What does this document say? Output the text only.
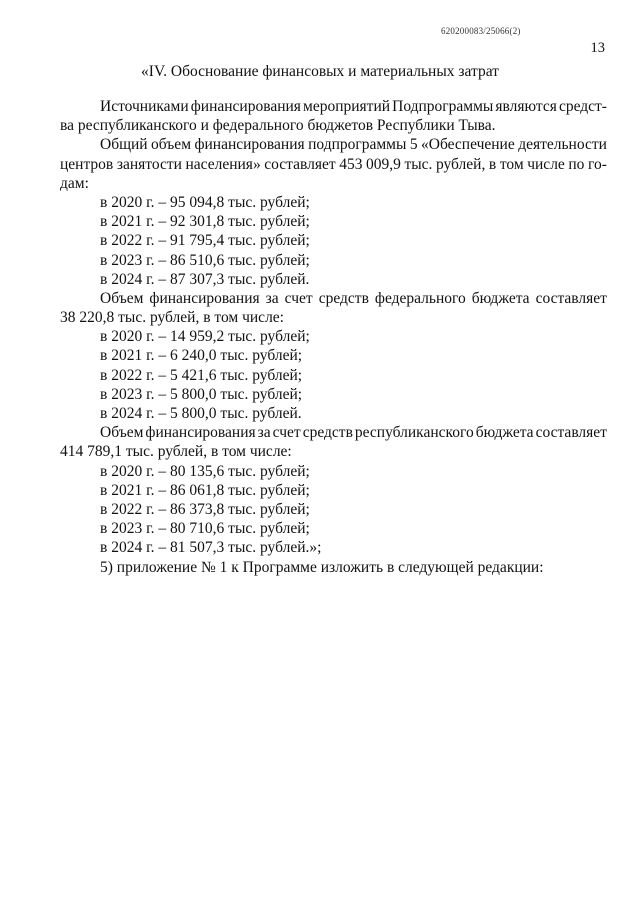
620200083/25066(2)
13
«IV. Обоснование финансовых и материальных затрат
Источниками финансирования мероприятий Подпрограммы являются средст-
ва республиканского и федерального бюджетов Республики Тыва.
Общий объем финансирования подпрограммы 5 «Обеспечение деятельности
центров занятости населения» составляет 453 009,9 тыс. рублей, в том числе по го-
дам:
в 2020 г. – 95 094,8 тыс. рублей;
в 2021 г. – 92 301,8 тыс. рублей;
в 2022 г. – 91 795,4 тыс. рублей;
в 2023 г. – 86 510,6 тыс. рублей;
в 2024 г. – 87 307,3 тыс. рублей.
Объем финансирования за счет средств федерального бюджета составляет
38 220,8 тыс. рублей, в том числе:
в 2020 г. – 14 959,2 тыс. рублей;
в 2021 г. – 6 240,0 тыс. рублей;
в 2022 г. – 5 421,6 тыс. рублей;
в 2023 г. – 5 800,0 тыс. рублей;
в 2024 г. – 5 800,0 тыс. рублей.
Объем финансирования за счет средств республиканского бюджета составляет
414 789,1 тыс. рублей, в том числе:
в 2020 г. – 80 135,6 тыс. рублей;
в 2021 г. – 86 061,8 тыс. рублей;
в 2022 г. – 86 373,8 тыс. рублей;
в 2023 г. – 80 710,6 тыс. рублей;
в 2024 г. – 81 507,3 тыс. рублей.»;
5) приложение № 1 к Программе изложить в следующей редакции:
